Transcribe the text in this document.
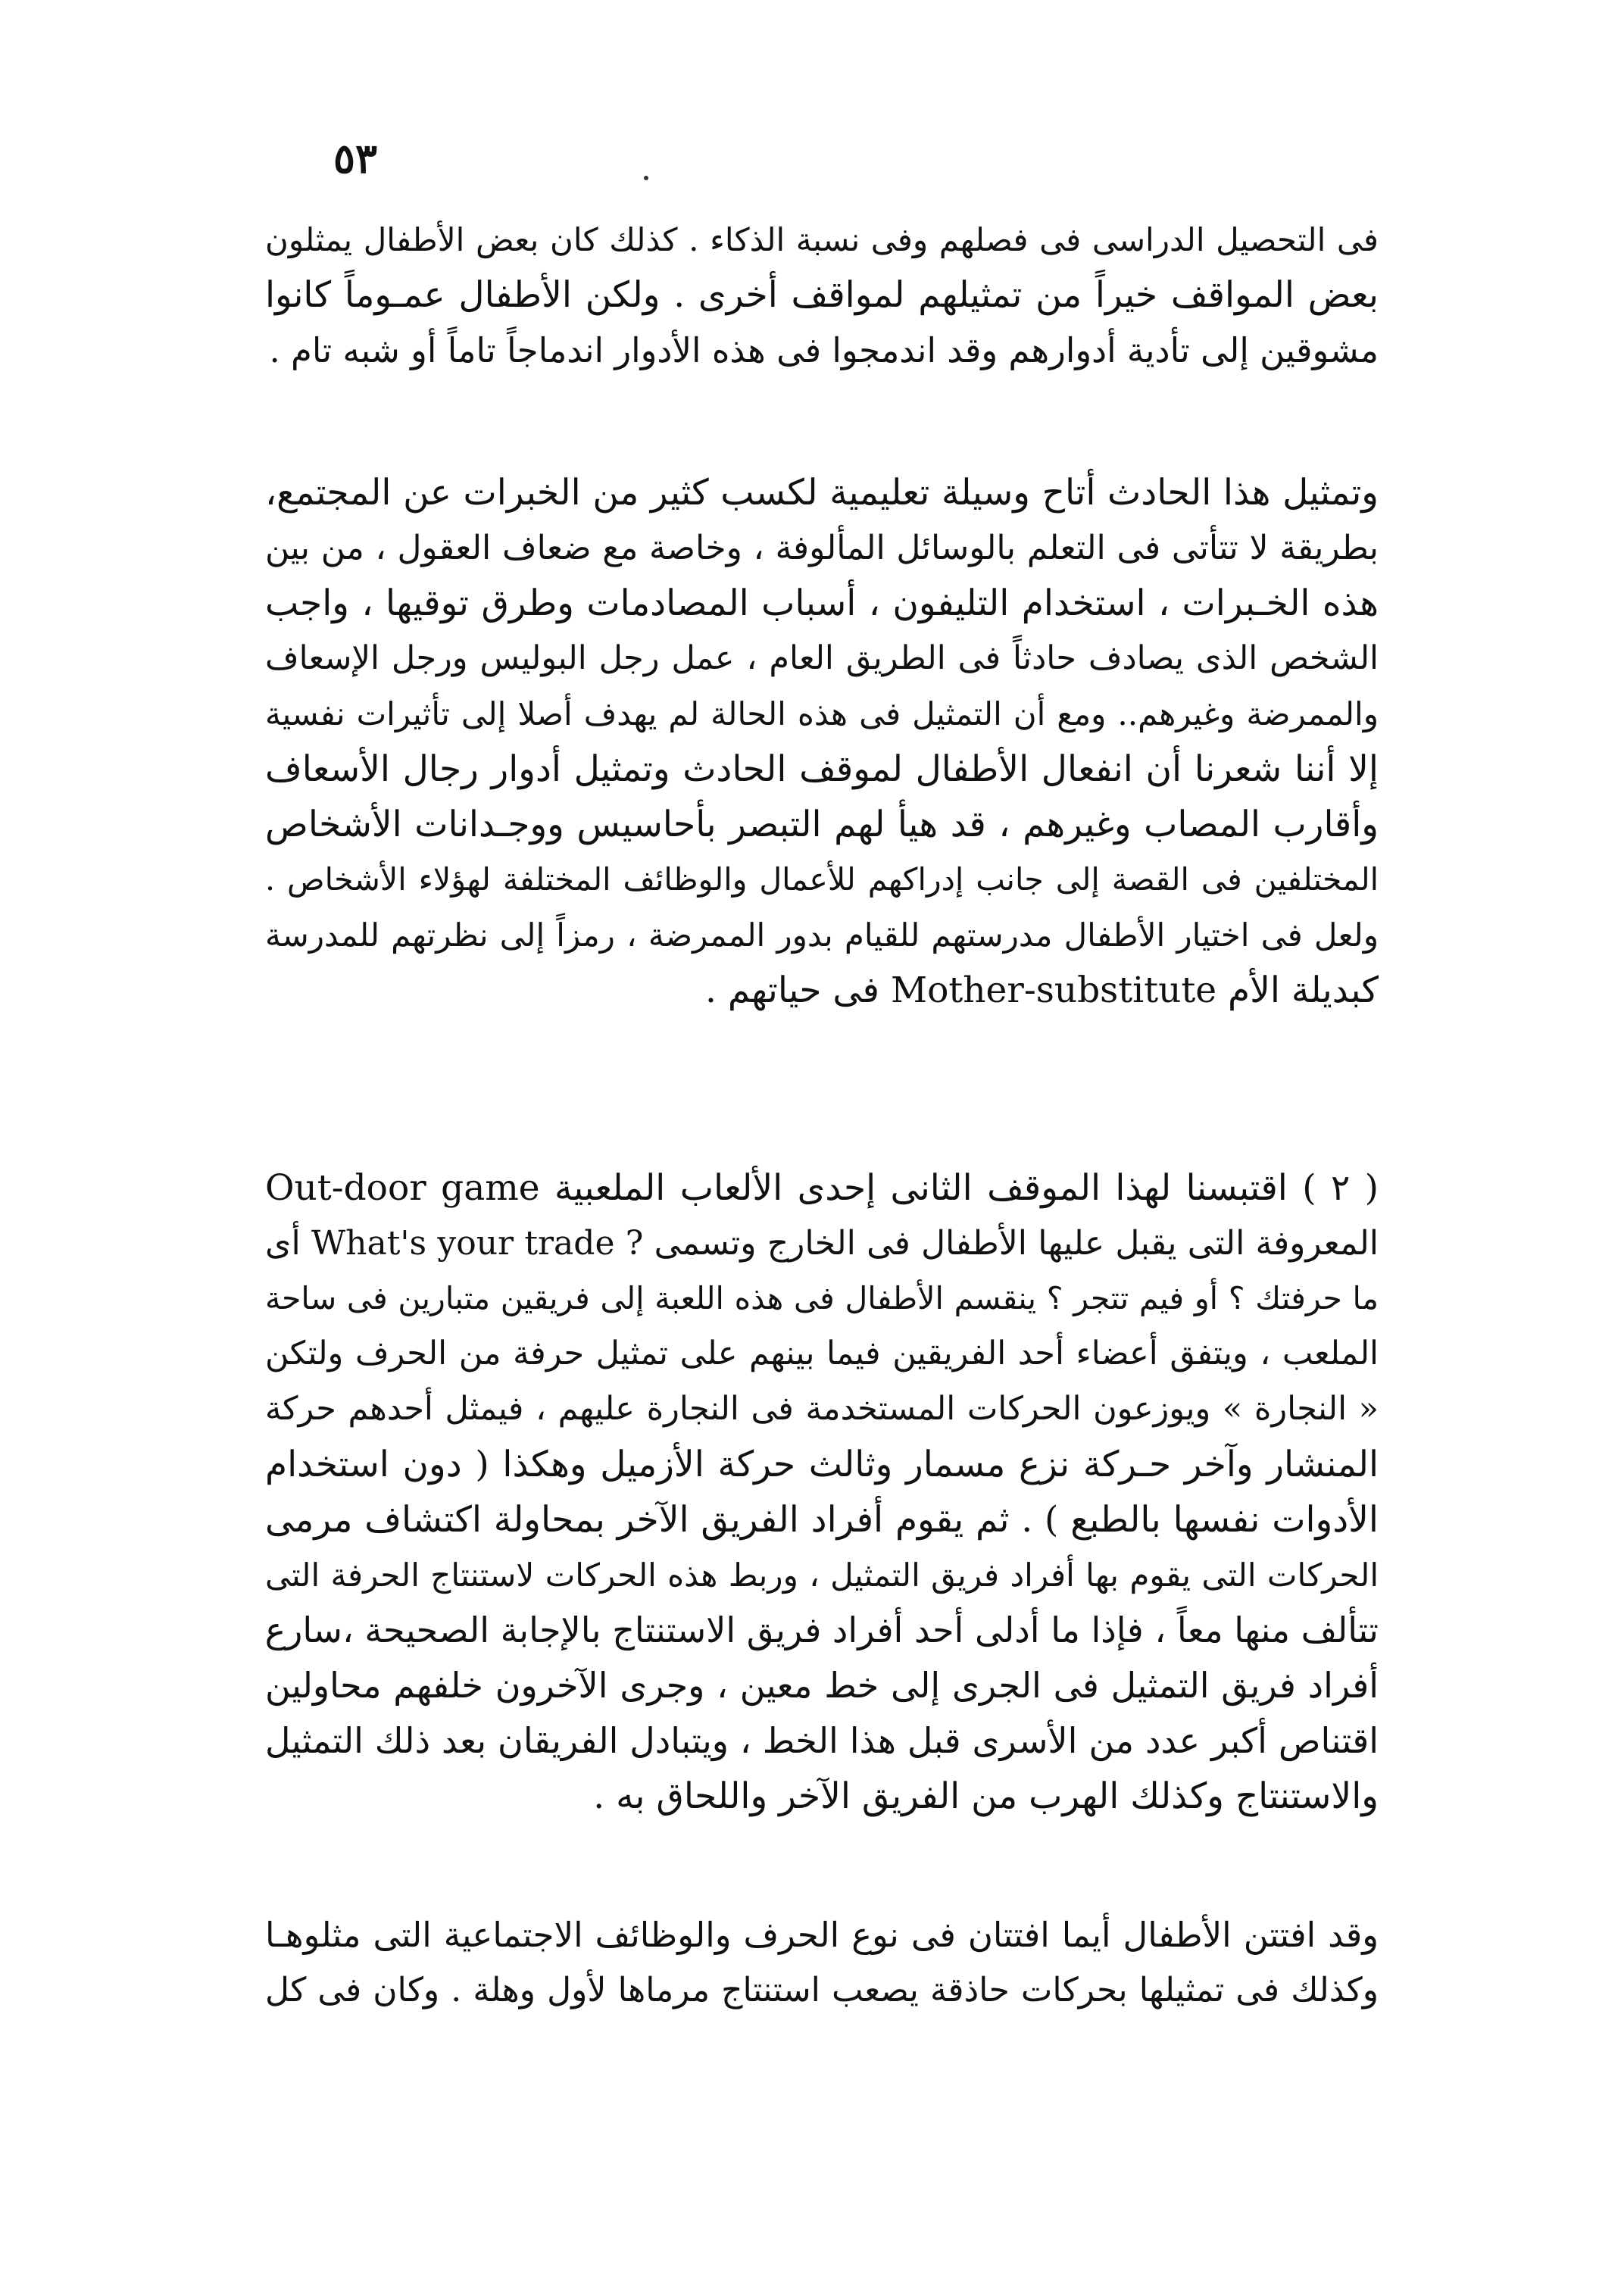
٥٣

فى التحصيل الدراسى فى فصلهم وفى نسبة الذكاء . كذلك كان بعض الأطفال يمثلون
بعض المواقف خيراً من تمثيلهم لمواقف أخرى . ولكن الأطفال عمـوماً كانوا
مشوقين إلى تأدية أدوارهم وقد اندمجوا فى هذه الأدوار اندماجاً تاماً أو شبه تام .

وتمثيل هذا الحادث أتاح وسيلة تعليمية لكسب كثير من الخبرات عن المجتمع،
بطريقة لا تتأتى فى التعلم بالوسائل المألوفة ، وخاصة مع ضعاف العقول ، من بين
هذه الخـبرات ، استخدام التليفون ، أسباب المصادمات وطرق توقيها ، واجب
الشخص الذى يصادف حادثاً فى الطريق العام ، عمل رجل البوليس ورجل الإسعاف
والممرضة وغيرهم.. ومع أن التمثيل فى هذه الحالة لم يهدف أصلا إلى تأثيرات نفسية
إلا أننا شعرنا أن انفعال الأطفال لموقف الحادث وتمثيل أدوار رجال الأسعاف
وأقارب المصاب وغيرهم ، قد هيأ لهم التبصر بأحاسيس ووجـدانات الأشخاص
المختلفين فى القصة إلى جانب إدراكهم للأعمال والوظائف المختلفة لهؤلاء الأشخاص .
ولعل فى اختيار الأطفال مدرستهم للقيام بدور الممرضة ، رمزاً إلى نظرتهم للمدرسة
كبديلة الأم Mother-substitute فى حياتهم .

( ٢ ) اقتبسنا لهذا الموقف الثانى إحدى الألعاب الملعبية Out-door game
المعروفة التى يقبل عليها الأطفال فى الخارج وتسمى ? What's your trade أى
ما حرفتك ؟ أو فيم تتجر ؟ ينقسم الأطفال فى هذه اللعبة إلى فريقين متبارين فى ساحة
الملعب ، ويتفق أعضاء أحد الفريقين فيما بينهم على تمثيل حرفة من الحرف ولتكن
« النجارة » ويوزعون الحركات المستخدمة فى النجارة عليهم ، فيمثل أحدهم حركة
المنشار وآخر حـركة نزع مسمار وثالث حركة الأزميل وهكذا ( دون استخدام
الأدوات نفسها بالطبع ) . ثم يقوم أفراد الفريق الآخر بمحاولة اكتشاف مرمى
الحركات التى يقوم بها أفراد فريق التمثيل ، وربط هذه الحركات لاستنتاج الحرفة التى
تتألف منها معاً ، فإذا ما أدلى أحد أفراد فريق الاستنتاج بالإجابة الصحيحة ،سارع
أفراد فريق التمثيل فى الجرى إلى خط معين ، وجرى الآخرون خلفهم محاولين
اقتناص أكبر عدد من الأسرى قبل هذا الخط ، ويتبادل الفريقان بعد ذلك التمثيل
والاستنتاج وكذلك الهرب من الفريق الآخر واللحاق به .

وقد افتتن الأطفال أيما افتتان فى نوع الحرف والوظائف الاجتماعية التى مثلوهـا
وكذلك فى تمثيلها بحركات حاذقة يصعب استنتاج مرماها لأول وهلة . وكان فى كل
